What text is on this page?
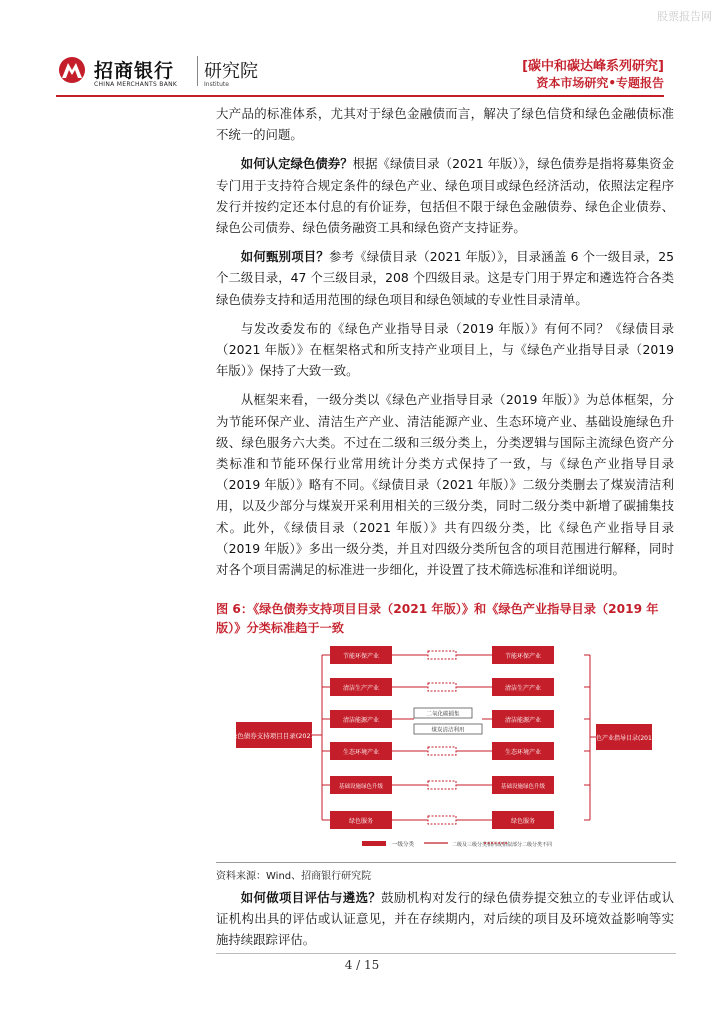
股票报告网
招商银行
CHINA MERCHANTS BANK
研究院
Institute
[碳中和碳达峰系列研究]
资本市场研究•专题报告

大产品的标准体系，尤其对于绿色金融债而言，解决了绿色信贷和绿色金融债标准不统一的问题。

如何认定绿色债券？根据《绿债目录（2021 年版）》，绿色债券是指将募集资金专门用于支持符合规定条件的绿色产业、绿色项目或绿色经济活动，依照法定程序发行并按约定还本付息的有价证券，包括但不限于绿色金融债券、绿色企业债券、绿色公司债券、绿色债务融资工具和绿色资产支持证券。

如何甄别项目？参考《绿债目录（2021 年版）》，目录涵盖 6 个一级目录，25 个二级目录，47 个三级目录，208 个四级目录。这是专门用于界定和遴选符合各类绿色债券支持和适用范围的绿色项目和绿色领域的专业性目录清单。

与发改委发布的《绿色产业指导目录（2019 年版）》有何不同？《绿债目录（2021 年版）》在框架格式和所支持产业项目上，与《绿色产业指导目录（2019 年版）》保持了大致一致。

从框架来看，一级分类以《绿色产业指导目录（2019 年版）》为总体框架，分为节能环保产业、清洁生产产业、清洁能源产业、生态环境产业、基础设施绿色升级、绿色服务六大类。不过在二级和三级分类上，分类逻辑与国际主流绿色资产分类标准和节能环保行业常用统计分类方式保持了一致，与《绿色产业指导目录（2019 年版）》略有不同。《绿债目录（2021 年版）》二级分类删去了煤炭清洁利用，以及少部分与煤炭开采利用相关的三级分类，同时二级分类中新增了碳捕集技术。此外，《绿债目录（2021 年版）》共有四级分类，比《绿色产业指导目录（2019 年版）》多出一级分类，并且对四级分类所包含的项目范围进行解释，同时对各个项目需满足的标准进一步细化，并设置了技术筛选标准和详细说明。

图 6：《绿色债券支持项目目录（2021 年版）》和《绿色产业指导目录（2019 年版）》分类标准趋于一致
绿色债券支持项目目录(2021)	绿色产业指导目录(2019)
节能环保产业
清洁生产产业
清洁能源产业
生态环境产业
基础设施绿色升级
绿色服务
节能环保产业
清洁生产产业
清洁能源产业
生态环境产业
基础设施绿色升级
绿色服务
二氧化碳捕集
煤炭清洁利用
一级分类	二级及三级分类相同或相似 部分二级分类不同
资料来源：Wind、招商银行研究院

如何做项目评估与遴选？鼓励机构对发行的绿色债券提交独立的专业评估或认证机构出具的评估或认证意见，并在存续期内，对后续的项目及环境效益影响等实施持续跟踪评估。

4 / 15
